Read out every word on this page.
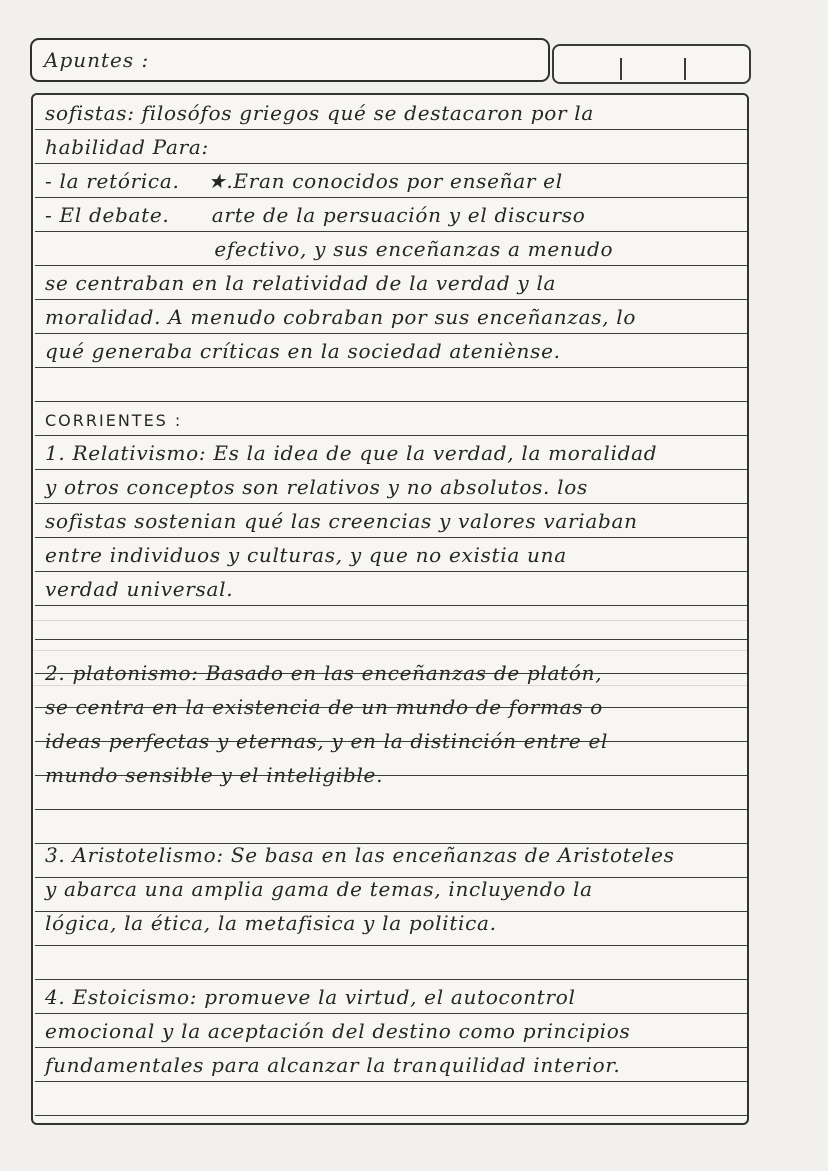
Apuntes :
sofistas: filosófos griegos qué se destacaron por la
habilidad Para:
- la retórica.    ★.Eran conocidos por enseñar el
- El debate.      arte de la persuación y el discurso
efectivo, y sus enceñanzas a menudo
se centraban en la relatividad de la verdad y la
moralidad. A menudo cobraban por sus enceñanzas, lo
qué generaba críticas en la sociedad ateniènse.
CORRIENTES :
1. Relativismo: Es la idea de que la verdad, la moralidad
y otros conceptos son relativos y no absolutos. los
sofistas sostenian qué las creencias y valores variaban
entre individuos y culturas, y que no existia una
verdad universal.
2. platonismo: Basado en las enceñanzas de platón,
se centra en la existencia de un mundo de formas o
ideas perfectas y eternas, y en la distinción entre el
mundo sensible y el inteligible.
3. Aristotelismo: Se basa en las enceñanzas de Aristoteles
y abarca una amplia gama de temas, incluyendo la
lógica, la ética, la metafisica y la politica.
4. Estoicismo: promueve la virtud, el autocontrol
emocional y la aceptación del destino como principios
fundamentales para alcanzar la tranquilidad interior.
